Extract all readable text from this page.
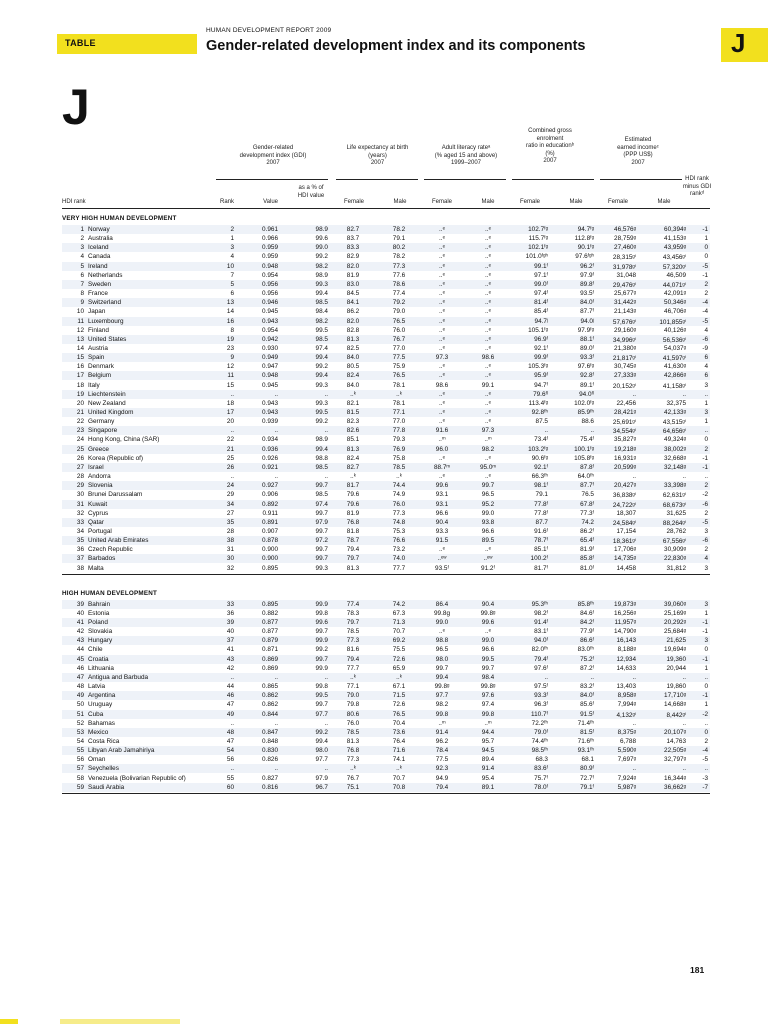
TABLE
HUMAN DEVELOPMENT REPORT 2009
Gender-related development index and its components	J
J
Gender-related
development index (GDI)
2007
Life expectancy at birth
(years)
2007
Adult literacy rateᵃ
(% aged 15 and above)
1999–2007
Combined gross
enrolment
ratio in educationᵇ
(%)
2007
Estimated
earned incomeᶜ
(PPP US$)
2007
HDI rank
minus GDI
rankᵈ
as a % of
HDI value
HDI rank	Rank	Value	Female	Male	Female	Male	Female	Male	Female	Male
VERY HIGH HUMAN DEVELOPMENT
1 Norway	2	0.961	98.9	82.7	78.2	..ᵉ	..ᵉ	102.7ᶠᵍ	94.7ᶠᵍ	46,576ᵍ	60,394ᵍ	-1
2 Australia	1	0.966	99.6	83.7	79.1	..ᵉ	..ᵉ	115.7ᶠᵍ	112.8ᶠᵍ	28,759ᵍ	41,153ᵍ	1
3 Iceland	3	0.959	99.0	83.3	80.2	..ᵉ	..ᵉ	102.1ᶠᵍ	90.1ᶠᵍ	27,460ᵍ	43,959ᵍ	0
4 Canada	4	0.959	99.2	82.9	78.2	..ᵉ	..ᵉ	101.0ᶠᵍʰ	97.6ᶠᵍʰ	28,315ᵍⁱ	43,456ᵍⁱ	0
5 Ireland	10	0.948	98.2	82.0	77.3	..ᵉ	..ᵉ	99.1ᶠ	96.2ᶠ	31,978ᵍⁱ	57,320ᵍⁱ	-5
6 Netherlands	7	0.954	98.9	81.9	77.6	..ᵉ	..ᵉ	97.1ᶠ	97.9ᶠ	31,048	46,509	-1
7 Sweden	5	0.956	99.3	83.0	78.6	..ᵉ	..ᵉ	99.0ᶠ	89.8ᶠ	29,476ᵍⁱ	44,071ᵍⁱ	2
8 France	6	0.956	99.4	84.5	77.4	..ᵉ	..ᵉ	97.4ᶠ	93.5ᶠ	25,677ᵍ	42,091ᵍ	2
9 Switzerland	13	0.946	98.5	84.1	79.2	..ᵉ	..ᵉ	81.4ᶠ	84.0ᶠ	31,442ᵍ	50,346ᵍ	-4
10 Japan	14	0.945	98.4	86.2	79.0	..ᵉ	..ᵉ	85.4ᶠ	87.7ᶠ	21,143ᵍ	46,706ᵍ	-4
11 Luxembourg	16	0.943	98.2	82.0	76.5	..ᵉ	..ᵉ	94.7ʲ	94.0ʲ	57,676ᵍⁱ	101,855ᵍⁱ	-5
12 Finland	8	0.954	99.5	82.8	76.0	..ᵉ	..ᵉ	105.1ᶠᵍ	97.9ᶠᵍ	29,160ᵍ	40,126ᵍ	4
13 United States	19	0.942	98.5	81.3	76.7	..ᵉ	..ᵉ	96.9ᶠ	88.1ᶠ	34,996ᵍⁱ	56,536ᵍⁱ	-6
14 Austria	23	0.930	97.4	82.5	77.0	..ᵉ	..ᵉ	92.1ᶠ	89.0ᶠ	21,380ᵍ	54,037ᵍ	-9
15 Spain	9	0.949	99.4	84.0	77.5	97.3	98.6	99.9ᶠ	93.3ᶠ	21,817ᵍⁱ	41,597ᵍⁱ	6
16 Denmark	12	0.947	99.2	80.5	75.9	..ᵉ	..ᵉ	105.3ᶠᵍ	97.6ᶠᵍ	30,745ᵍ	41,630ᵍ	4
17 Belgium	11	0.948	99.4	82.4	76.5	..ᵉ	..ᵉ	95.9ᶠ	92.8ᶠ	27,333ᵍ	42,866ᵍ	6
18 Italy	15	0.945	99.3	84.0	78.1	98.6	99.1	94.7ᶠ	89.1ᶠ	20,152ᵍⁱ	41,158ᵍⁱ	3
19 Liechtenstein	..	..	..	..ᵏ	..ᵏ	..ᵉ	..ᵉ	79.6ᶠˡ	94.0ᶠˡ	..	..	..
20 New Zealand	18	0.943	99.3	82.1	78.1	..ᵉ	..ᵉ	113.4ᶠᵍ	102.0ᶠᵍ	22,456	32,375	1
21 United Kingdom	17	0.943	99.5	81.5	77.1	..ᵉ	..ᵉ	92.8ᶠʰ	85.9ᶠʰ	28,421ᵍ	42,133ᵍ	3
22 Germany	20	0.939	99.2	82.3	77.0	..ᵉ	..ᵉ	87.5	88.6	25,691ᵍⁱ	43,515ᵍⁱ	1
23 Singapore	..	..	..	82.6	77.8	91.6	97.3	..	..	34,554ᵍⁱ	64,656ᵍⁱ	..
24 Hong Kong, China (SAR)	22	0.934	98.9	85.1	79.3	..ᵐ	..ᵐ	73.4ᶠ	75.4ᶠ	35,827ᵍ	49,324ᵍ	0
25 Greece	21	0.936	99.4	81.3	76.9	96.0	98.2	103.2ᶠᵍ	100.1ᶠᵍ	19,218ᵍ	38,002ᵍ	2
26 Korea (Republic of)	25	0.926	98.8	82.4	75.8	..ᵉ	..ᵉ	90.6ᶠᵍ	105.8ᶠᵍ	16,931ᵍ	32,668ᵍ	-1
27 Israel	26	0.921	98.5	82.7	78.5	88.7ᵐ	95.0ᵐ	92.1ᶠ	87.8ᶠ	20,599ᵍ	32,148ᵍ	-1
28 Andorra	..	..	..	..ᵏ	..ᵏ	..ᵉ	..ᵉ	66.3ᶠʰ	64.0ᶠʰ	..	..	..
29 Slovenia	24	0.927	99.7	81.7	74.4	99.6	99.7	98.1ᶠ	87.7ᶠ	20,427ᵍ	33,398ᵍ	2
30 Brunei Darussalam	29	0.906	98.5	79.6	74.9	93.1	96.5	79.1	76.5	36,838ᵍⁱ	62,631ᵍⁱ	-2
31 Kuwait	34	0.892	97.4	79.6	76.0	93.1	95.2	77.8ᶠ	67.8ᶠ	24,722ᵍⁱ	68,673ᵍⁱ	-6
32 Cyprus	27	0.911	99.7	81.9	77.3	96.6	99.0	77.8ᶠ	77.3ᶠ	18,307	31,625	2
33 Qatar	35	0.891	97.9	76.8	74.8	90.4	93.8	87.7	74.2	24,584ᵍⁱ	88,264ᵍⁱ	-5
34 Portugal	28	0.907	99.7	81.8	75.3	93.3	96.6	91.6ᶠ	86.2ᶠ	17,154	28,762	3
35 United Arab Emirates	38	0.878	97.2	78.7	76.6	91.5	89.5	78.7ᶠ	65.4ᶠ	18,361ᵍⁱ	67,556ᵍⁱ	-6
36 Czech Republic	31	0.900	99.7	79.4	73.2	..ᵉ	..ᵉ	85.1ᶠ	81.9ᶠ	17,706ᵍ	30,909ᵍ	2
37 Barbados	30	0.900	99.7	79.7	74.0	..ᵉʷ	..ᵉʷ	100.2ᶠ	85.8ᶠ	14,735ᵍ	22,830ᵍ	4
38 Malta	32	0.895	99.3	81.3	77.7	93.5ᶠ	91.2ᶠ	81.7ᶠ	81.0ᶠ	14,458	31,812	3
HIGH HUMAN DEVELOPMENT
39 Bahrain	33	0.895	99.9	77.4	74.2	86.4	90.4	95.3ᶠʰ	85.8ᶠʰ	19,873ᵍ	39,060ᵍ	3
40 Estonia	36	0.882	99.8	78.3	67.3	99.8g	99.8ᵍ	98.2ᶠ	84.6ᶠ	16,256ᵍ	25,169ᵍ	1
41 Poland	39	0.877	99.6	79.7	71.3	99.0	99.6	91.4ᶠ	84.2ᶠ	11,957ᵍ	20,292ᵍ	-1
42 Slovakia	40	0.877	99.7	78.5	70.7	..ᵉ	..ᵉ	83.1ᶠ	77.9ᶠ	14,790ᵍ	25,684ᵍ	-1
43 Hungary	37	0.879	99.9	77.3	69.2	98.8	99.0	94.0ᶠ	86.6ᶠ	16,143	21,625	3
44 Chile	41	0.871	99.2	81.6	75.5	96.5	96.6	82.0ᶠʰ	83.0ᶠʰ	8,188ᵍ	19,694ᵍ	0
45 Croatia	43	0.869	99.7	79.4	72.6	98.0	99.5	79.4ᶠ	75.2ᶠ	12,934	19,360	-1
46 Lithuania	42	0.869	99.9	77.7	65.9	99.7	99.7	97.6ᶠ	87.2ᶠ	14,633	20,944	1
47 Antigua and Barbuda	..	..	..	..ᵏ	..ᵏ	99.4	98.4	..	..	..	..	..
48 Latvia	44	0.865	99.8	77.1	67.1	99.8ᵍ	99.8ᵍ	97.5ᶠ	83.2ᶠ	13,403	19,860	0
49 Argentina	46	0.862	99.5	79.0	71.5	97.7	97.6	93.3ᶠ	84.0ᶠ	8,958ᵍ	17,710ᵍ	-1
50 Uruguay	47	0.862	99.7	79.8	72.6	98.2	97.4	96.3ᶠ	85.6ᶠ	7,994ᵍ	14,668ᵍ	1
51 Cuba	49	0.844	97.7	80.6	76.5	99.8	99.8	110.7ᶠ	91.5ᶠ	4,132ᵍⁱ	8,442ᵍⁱ	-2
52 Bahamas	..	..	..	76.0	70.4	..ᵐ	..ᵐ	72.2ᶠʰ	71.4ᶠʰ	..	..	..
53 Mexico	48	0.847	99.2	78.5	73.6	91.4	94.4	79.0ᶠ	81.5ᶠ	8,375ᵍ	20,107ᵍ	0
54 Costa Rica	47	0.848	99.4	81.3	76.4	96.2	95.7	74.4ᶠʰ	71.6ᶠʰ	6,788	14,763	2
55 Libyan Arab Jamahiriya	54	0.830	98.0	76.8	71.6	78.4	94.5	98.5ᶠʰ	93.1ᶠʰ	5,590ᵍ	22,505ᵍ	-4
56 Oman	56	0.826	97.7	77.3	74.1	77.5	89.4	68.3	68.1	7,697ᵍ	32,797ᵍ	-5
57 Seychelles	..	..	..	..ᵏ	..ᵏ	92.3	91.4	83.6ᶠ	80.9ᶠ	..	..	..
58 Venezuela (Bolivarian Republic of)	55	0.827	97.9	76.7	70.7	94.9	95.4	75.7ᶠ	72.7ᶠ	7,924ᵍ	16,344ᵍ	-3
59 Saudi Arabia	60	0.816	96.7	75.1	70.8	79.4	89.1	78.0ᶠ	79.1ᶠ	5,987ᵍ	36,662ᵍ	-7
181
